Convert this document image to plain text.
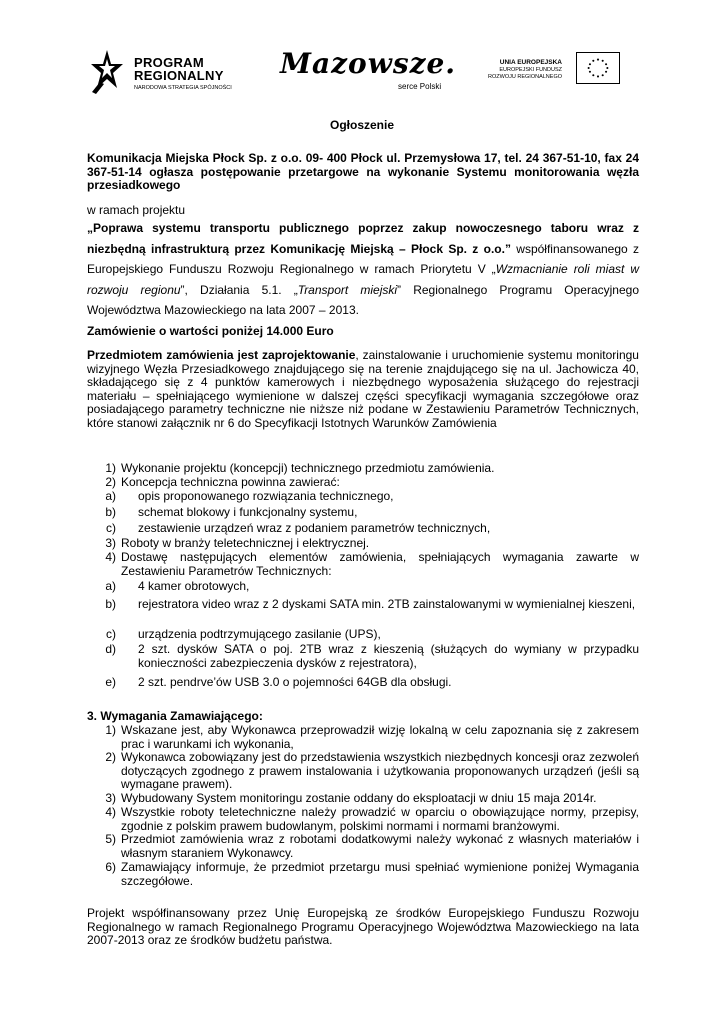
PROGRAM
REGIONALNY
NARODOWA STRATEGIA SPÓJNOŚCI
Mazowsze.
serce Polski
UNIA EUROPEJSKA
EUROPEJSKI FUNDUSZ
ROZWOJU REGIONALNEGO
Ogłoszenie
Komunikacja Miejska Płock Sp. z o.o. 09- 400 Płock ul. Przemysłowa 17, tel. 24 367-51-10, fax 24 367-51-14 ogłasza postępowanie przetargowe na wykonanie Systemu monitorowania węzła przesiadkowego
w ramach projektu
„Poprawa systemu transportu publicznego poprzez zakup nowoczesnego taboru wraz z niezbędną infrastrukturą przez Komunikację Miejską – Płock Sp. z o.o.” współfinansowanego z Europejskiego Funduszu Rozwoju Regionalnego w ramach Priorytetu V „Wzmacnianie roli miast w rozwoju regionu”, Działania 5.1. „Transport miejski” Regionalnego Programu Operacyjnego Województwa Mazowieckiego na lata 2007 – 2013.
Zamówienie o wartości poniżej 14.000 Euro
Przedmiotem zamówienia jest zaprojektowanie, zainstalowanie i uruchomienie systemu monitoringu wizyjnego Węzła Przesiadkowego znajdującego się na terenie znajdującego się na ul. Jachowicza 40, składającego się z 4 punktów kamerowych i niezbędnego wyposażenia służącego do rejestracji materiału – spełniającego wymienione w dalszej części specyfikacji wymagania szczegółowe oraz posiadającego parametry techniczne nie niższe niż podane w Zestawieniu Parametrów Technicznych, które stanowi załącznik nr 6 do Specyfikacji Istotnych Warunków Zamówienia
1) Wykonanie projektu (koncepcji) technicznego przedmiotu zamówienia.
2) Koncepcja techniczna powinna zawierać:
a) opis proponowanego rozwiązania technicznego,
b) schemat blokowy i funkcjonalny systemu,
c) zestawienie urządzeń wraz z podaniem parametrów technicznych,
3) Roboty w branży teletechnicznej i elektrycznej.
4) Dostawę następujących elementów zamówienia, spełniających wymagania zawarte w Zestawieniu Parametrów Technicznych:
a) 4 kamer obrotowych,
b) rejestratora video wraz z 2 dyskami SATA min. 2TB zainstalowanymi w wymienialnej kieszeni,
c) urządzenia podtrzymującego zasilanie (UPS),
d) 2 szt. dysków SATA o poj. 2TB wraz z kieszenią (służących do wymiany w przypadku konieczności zabezpieczenia dysków z rejestratora),
e) 2 szt. pendrve’ów USB 3.0 o pojemności 64GB dla obsługi.
3. Wymagania Zamawiającego:
1) Wskazane jest, aby Wykonawca przeprowadził wizję lokalną w celu zapoznania się z zakresem prac i warunkami ich wykonania,
2) Wykonawca zobowiązany jest do przedstawienia wszystkich niezbędnych koncesji oraz zezwoleń dotyczących zgodnego z prawem instalowania i użytkowania proponowanych urządzeń (jeśli są wymagane prawem).
3) Wybudowany System monitoringu zostanie oddany do eksploatacji w dniu 15 maja 2014r.
4) Wszystkie roboty teletechniczne należy prowadzić w oparciu o obowiązujące normy, przepisy, zgodnie z polskim prawem budowlanym, polskimi normami i normami branżowymi.
5) Przedmiot zamówienia wraz z robotami dodatkowymi należy wykonać z własnych materiałów i własnym staraniem Wykonawcy.
6) Zamawiający informuje, że przedmiot przetargu musi spełniać wymienione poniżej Wymagania szczegółowe.
Projekt współfinansowany przez Unię Europejską ze środków Europejskiego Funduszu Rozwoju Regionalnego w ramach Regionalnego Programu Operacyjnego Województwa Mazowieckiego na lata 2007-2013 oraz ze środków budżetu państwa.
